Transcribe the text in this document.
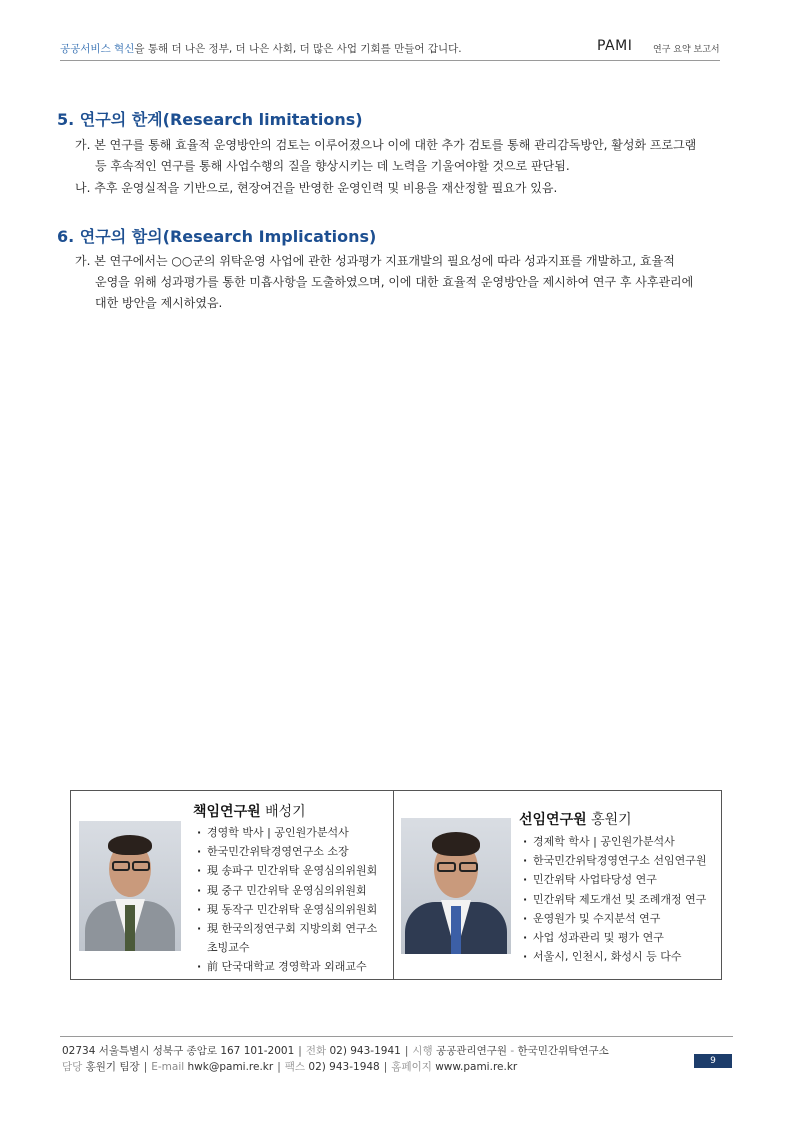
공공서비스 혁신을 통해 더 나은 정부, 더 나은 사회, 더 많은 사업 기회를 만들어 갑니다.	PAMI 연구 요약 보고서
5. 연구의 한계(Research limitations)
가. 본 연구를 통해 효율적 운영방안의 검토는 이루어졌으나 이에 대한 추가 검토를 통해 관리감독방안, 활성화 프로그램
등 후속적인 연구를 통해 사업수행의 질을 향상시키는 데 노력을 기울여야할 것으로 판단됨.
나. 추후 운영실적을 기반으로, 현장여건을 반영한 운영인력 및 비용을 재산정할 필요가 있음.
6. 연구의 함의(Research Implications)
가. 본 연구에서는 ○○군의 위탁운영 사업에 관한 성과평가 지표개발의 필요성에 따라 성과지표를 개발하고, 효율적
운영을 위해 성과평가를 통한 미흡사항을 도출하였으며, 이에 대한 효율적 운영방안을 제시하여 연구 후 사후관리에
대한 방안을 제시하였음.
책임연구원 배성기
· 경영학 박사 | 공인원가분석사
· 한국민간위탁경영연구소 소장
· 現 송파구 민간위탁 운영심의위원회
· 現 중구 민간위탁 운영심의위원회
· 現 동작구 민간위탁 운영심의위원회
· 現 한국의정연구회 지방의회 연구소
초빙교수
· 前 단국대학교 경영학과 외래교수
선임연구원 홍원기
· 경제학 학사 | 공인원가분석사
· 한국민간위탁경영연구소 선임연구원
· 민간위탁 사업타당성 연구
· 민간위탁 제도개선 및 조례개정 연구
· 운영원가 및 수지분석 연구
· 사업 성과관리 및 평가 연구
· 서울시, 인천시, 화성시 등 다수
02734 서울특별시 성북구 종암로 167 101-2001 | 전화 02) 943-1941 | 시행 공공관리연구원 - 한국민간위탁연구소
담당 홍원기 팀장 | E-mail hwk@pami.re.kr | 팩스 02) 943-1948 | 홈페이지 www.pami.re.kr	9
